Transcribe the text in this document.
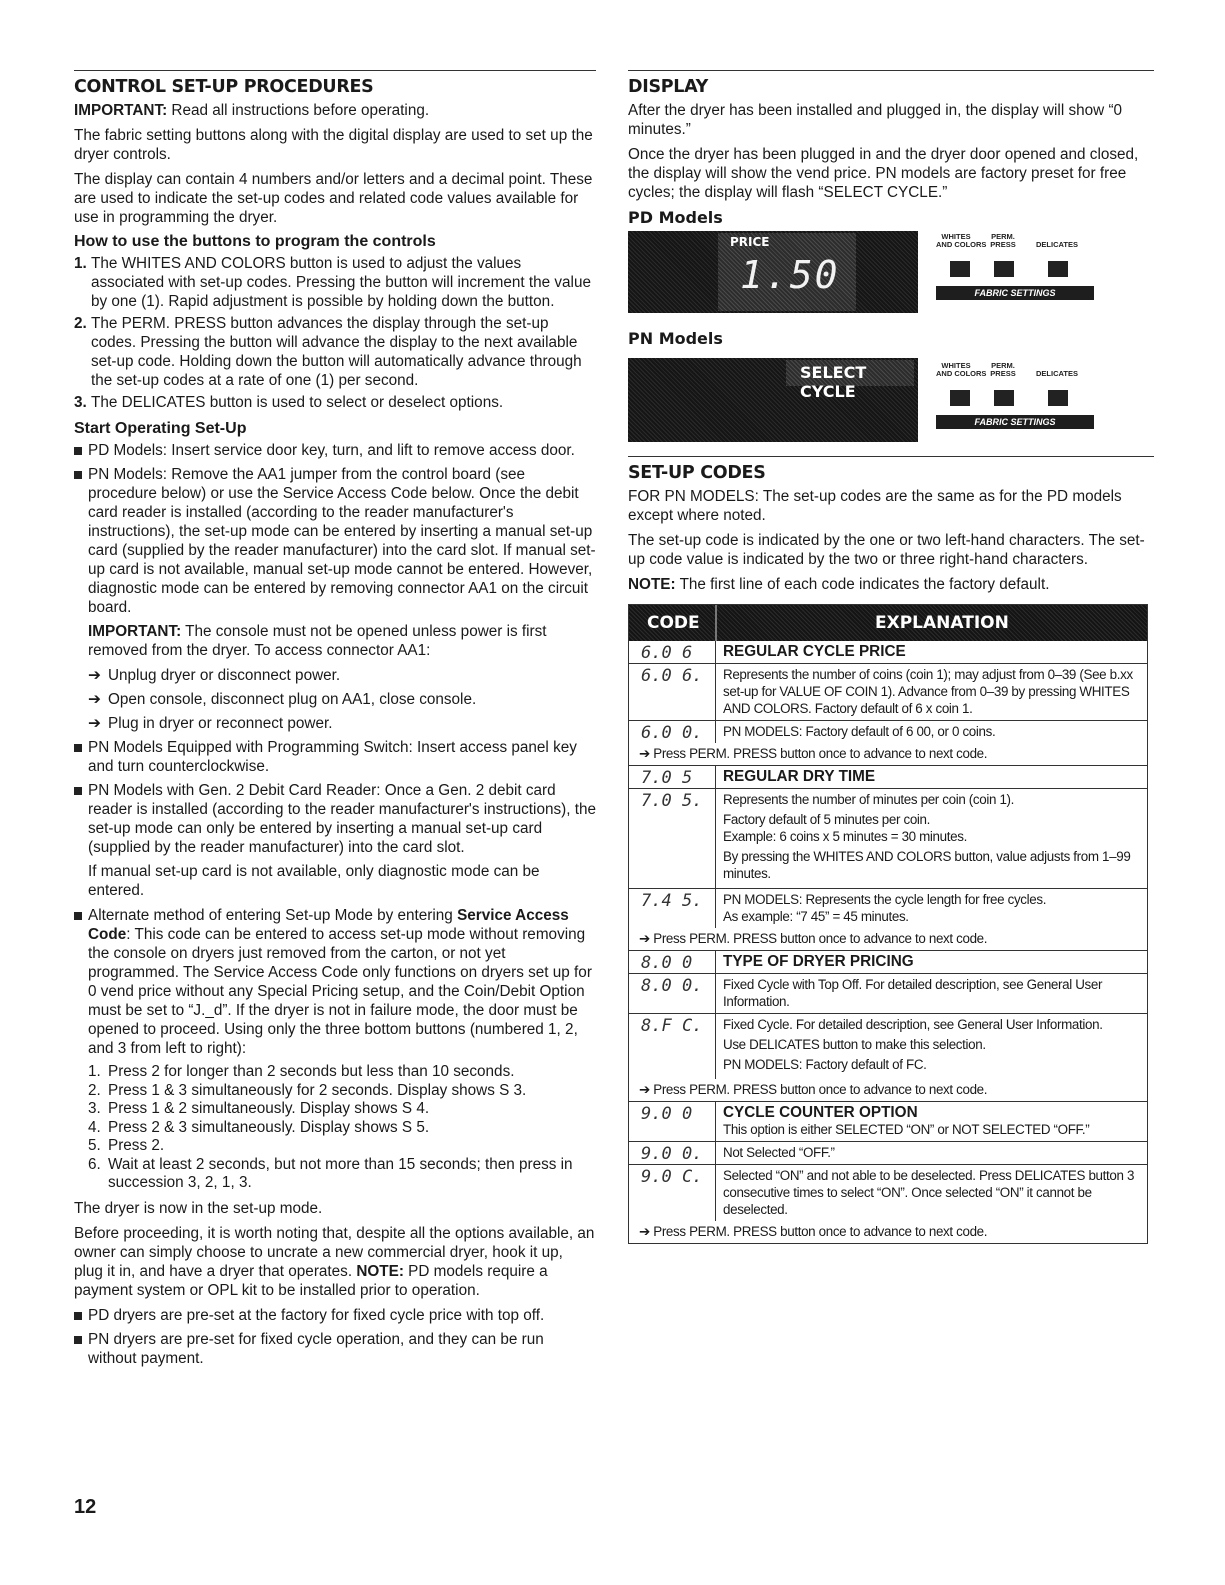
CONTROL SET-UP PROCEDURES

IMPORTANT: Read all instructions before operating.

The fabric setting buttons along with the digital display are used to set up the dryer controls.

The display can contain 4 numbers and/or letters and a decimal point. These are used to indicate the set-up codes and related code values available for use in programming the dryer.

How to use the buttons to program the controls
1. The WHITES AND COLORS button is used to adjust the values associated with set-up codes. Pressing the button will increment the value by one (1). Rapid adjustment is possible by holding down the button.
2. The PERM. PRESS button advances the display through the set-up codes. Pressing the button will advance the display to the next available set-up code. Holding down the button will automatically advance through the set-up codes at a rate of one (1) per second.
3. The DELICATES button is used to select or deselect options.
Start Operating Set-Up

PD Models: Insert service door key, turn, and lift to remove access door.

PN Models: Remove the AA1 jumper from the control board (see procedure below) or use the Service Access Code below. Once the debit card reader is installed (according to the reader manufacturer's instructions), the set-up mode can be entered by inserting a manual set-up card (supplied by the reader manufacturer) into the card slot. If manual set-up card is not available, manual set-up mode cannot be entered. However, diagnostic mode can be entered by removing connector AA1 on the circuit board.

IMPORTANT: The console must not be opened unless power is first removed from the dryer. To access connector AA1:

➔ Unplug dryer or disconnect power.

➔ Open console, disconnect plug on AA1, close console.

➔ Plug in dryer or reconnect power.

PN Models Equipped with Programming Switch: Insert access panel key and turn counterclockwise.

PN Models with Gen. 2 Debit Card Reader: Once a Gen. 2 debit card reader is installed (according to the reader manufacturer's instructions), the set-up mode can only be entered by inserting a manual set-up card (supplied by the reader manufacturer) into the card slot.

If manual set-up card is not available, only diagnostic mode can be entered.

Alternate method of entering Set-up Mode by entering Service Access Code: This code can be entered to access set-up mode without removing the console on dryers just removed from the carton, or not yet programmed. The Service Access Code only functions on dryers set up for 0 vend price without any Special Pricing setup, and the Coin/Debit Option must be set to “J._d”. If the dryer is not in failure mode, the door must be opened to proceed. Using only the three bottom buttons (numbered 1, 2, and 3 from left to right):

1. Press 2 for longer than 2 seconds but less than 10 seconds.
2. Press 1 & 3 simultaneously for 2 seconds. Display shows S 3.
3. Press 1 & 2 simultaneously. Display shows S 4.
4. Press 2 & 3 simultaneously. Display shows S 5.
5. Press 2.
6. Wait at least 2 seconds, but not more than 15 seconds; then press in succession 3, 2, 1, 3.

The dryer is now in the set-up mode.

Before proceeding, it is worth noting that, despite all the options available, an owner can simply choose to uncrate a new commercial dryer, hook it up, plug it in, and have a dryer that operates. NOTE: PD models require a payment system or OPL kit to be installed prior to operation.

PD dryers are pre-set at the factory for fixed cycle price with top off.

PN dryers are pre-set for fixed cycle operation, and they can be run without payment.

12
DISPLAY

After the dryer has been installed and plugged in, the display will show “0 minutes.”

Once the dryer has been plugged in and the dryer door opened and closed, the display will show the vend price. PN models are factory preset for free cycles; the display will flash “SELECT CYCLE.”

PD Models
PRICE
1.50
WHITES
AND COLORS
PERM.
PRESS	DELICATES
FABRIC SETTINGS
PN Models
SELECT CYCLE
WHITES
AND COLORS
PERM.
PRESS	DELICATES
FABRIC SETTINGS
SET-UP CODES

FOR PN MODELS: The set-up codes are the same as for the PD models except where noted.

The set-up code is indicated by the one or two left-hand characters. The set-up code value is indicated by the two or three right-hand characters.

NOTE: The first line of each code indicates the factory default.

CODE	EXPLANATION
6.0 6	REGULAR CYCLE PRICE
6.0 6.	Represents the number of coins (coin 1); may adjust from 0–39 (See b.xx set-up for VALUE OF COIN 1). Advance from 0–39 by pressing WHITES AND COLORS. Factory default of 6 x coin 1.
6.0 0.	PN MODELS: Factory default of 6 00, or 0 coins.
➔ Press PERM. PRESS button once to advance to next code.
7.0 5	REGULAR DRY TIME
7.0 5.	Represents the number of minutes per coin (coin 1).
Factory default of 5 minutes per coin.
Example: 6 coins x 5 minutes = 30 minutes.
By pressing the WHITES AND COLORS button, value adjusts from 1–99 minutes.
7.4 5.	PN MODELS: Represents the cycle length for free cycles.
As example: “7 45” = 45 minutes.
➔ Press PERM. PRESS button once to advance to next code.
8.0 0	TYPE OF DRYER PRICING
8.0 0.	Fixed Cycle with Top Off. For detailed description, see General User Information.
8.F C.	Fixed Cycle. For detailed description, see General User Information.
Use DELICATES button to make this selection.
PN MODELS: Factory default of FC.
➔ Press PERM. PRESS button once to advance to next code.
9.0 0	CYCLE COUNTER OPTION
This option is either SELECTED “ON” or NOT SELECTED “OFF.”
9.0 0.	Not Selected “OFF.”
9.0 C.	Selected “ON” and not able to be deselected. Press DELICATES button 3 consecutive times to select “ON”. Once selected “ON” it cannot be deselected.
➔ Press PERM. PRESS button once to advance to next code.
